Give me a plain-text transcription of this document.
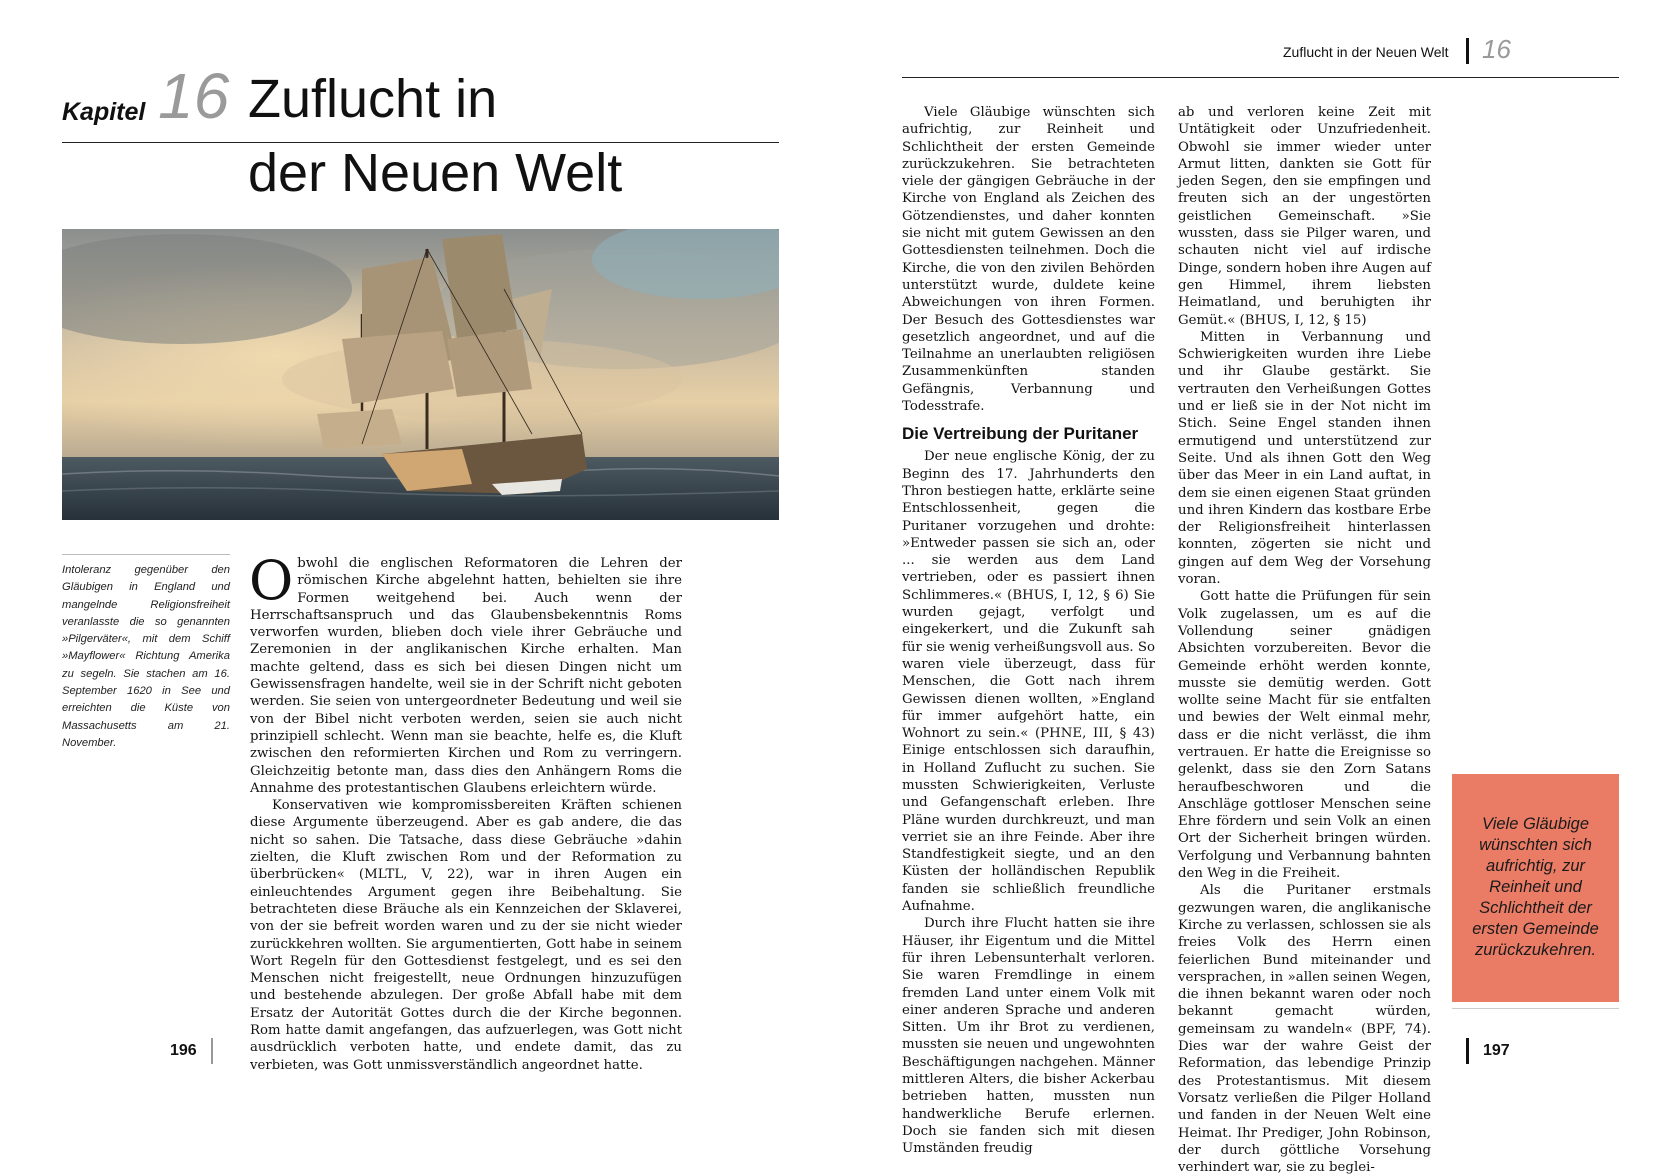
Kapitel 16 Zuflucht in
der Neuen Welt
Intoleranz gegenüber den Gläubigen in England und mangelnde Religionsfreiheit veranlasste die so genannten »Pilgerväter«, mit dem Schiff »Mayflower« Richtung Amerika zu segeln. Sie stachen am 16. September 1620 in See und erreichten die Küste von Massachusetts am 21. November.

Obwohl die englischen Reformatoren die Lehren der römischen Kirche abgelehnt hatten, behielten sie ihre Formen weitgehend bei. Auch wenn der Herrschaftsanspruch und das Glaubensbekenntnis Roms verworfen wurden, blieben doch viele ihrer Gebräuche und Zeremonien in der anglikanischen Kirche erhalten. Man machte geltend, dass es sich bei diesen Dingen nicht um Gewissensfragen handelte, weil sie in der Schrift nicht geboten werden. Sie seien von untergeordneter Bedeutung und weil sie von der Bibel nicht verboten werden, seien sie auch nicht prinzipiell schlecht. Wenn man sie beachte, helfe es, die Kluft zwischen den reformierten Kirchen und Rom zu verringern. Gleichzeitig betonte man, dass dies den Anhängern Roms die Annahme des protestantischen Glaubens erleichtern würde.

Konservativen wie kompromissbereiten Kräften schienen diese Argumente überzeugend. Aber es gab andere, die das nicht so sahen. Die Tatsache, dass diese Gebräuche »dahin zielten, die Kluft zwischen Rom und der Reformation zu überbrücken« (MLTL, V, 22), war in ihren Augen ein einleuchtendes Argument gegen ihre Beibehaltung. Sie betrachteten diese Bräuche als ein Kennzeichen der Sklaverei, von der sie befreit worden waren und zu der sie nicht wieder zurückkehren wollten. Sie argumentierten, Gott habe in seinem Wort Regeln für den Gottesdienst festgelegt, und es sei den Menschen nicht freigestellt, neue Ordnungen hinzuzufügen und bestehende abzulegen. Der große Abfall habe mit dem Ersatz der Autorität Gottes durch die der Kirche begonnen. Rom hatte damit angefangen, das aufzuerlegen, was Gott nicht ausdrücklich verboten hatte, und endete damit, das zu verbieten, was Gott unmissverständlich angeordnet hatte.

196
Zuflucht in der Neuen Welt 16

Viele Gläubige wünschten sich aufrichtig, zur Reinheit und Schlichtheit der ersten Gemeinde zurückzukehren. Sie betrachteten viele der gängigen Gebräuche in der Kirche von England als Zeichen des Götzendienstes, und daher konnten sie nicht mit gutem Gewissen an den Gottesdiensten teilnehmen. Doch die Kirche, die von den zivilen Behörden unterstützt wurde, duldete keine Abweichungen von ihren Formen. Der Besuch des Gottesdienstes war gesetzlich angeordnet, und auf die Teilnahme an unerlaubten religiösen Zusammenkünften standen Gefängnis, Verbannung und Todesstrafe.

Die Vertreibung der Puritaner

Der neue englische König, der zu Beginn des 17. Jahrhunderts den Thron bestiegen hatte, erklärte seine Entschlossenheit, gegen die Puritaner vorzugehen und drohte: »Entweder passen sie sich an, oder ... sie werden aus dem Land vertrieben, oder es passiert ihnen Schlimmeres.« (BHUS, I, 12, § 6) Sie wurden gejagt, verfolgt und eingekerkert, und die Zukunft sah für sie wenig verheißungsvoll aus. So waren viele überzeugt, dass für Menschen, die Gott nach ihrem Gewissen dienen wollten, »England für immer aufgehört hatte, ein Wohnort zu sein.« (PHNE, III, § 43) Einige entschlossen sich daraufhin, in Holland Zuflucht zu suchen. Sie mussten Schwierigkeiten, Verluste und Gefangenschaft erleben. Ihre Pläne wurden durchkreuzt, und man verriet sie an ihre Feinde. Aber ihre Standfestigkeit siegte, und an den Küsten der holländischen Republik fanden sie schließlich freundliche Aufnahme.

Durch ihre Flucht hatten sie ihre Häuser, ihr Eigentum und die Mittel für ihren Lebensunterhalt verloren. Sie waren Fremdlinge in einem fremden Land unter einem Volk mit einer anderen Sprache und anderen Sitten. Um ihr Brot zu verdienen, mussten sie neuen und ungewohnten Beschäftigungen nachgehen. Männer mittleren Alters, die bisher Ackerbau betrieben hatten, mussten nun handwerkliche Berufe erlernen. Doch sie fanden sich mit diesen Umständen freudig

ab und verloren keine Zeit mit Untätigkeit oder Unzufriedenheit. Obwohl sie immer wieder unter Armut litten, dankten sie Gott für jeden Segen, den sie empfingen und freuten sich an der ungestörten geistlichen Gemeinschaft. »Sie wussten, dass sie Pilger waren, und schauten nicht viel auf irdische Dinge, sondern hoben ihre Augen auf gen Himmel, ihrem liebsten Heimatland, und beruhigten ihr Gemüt.« (BHUS, I, 12, § 15)

Mitten in Verbannung und Schwierigkeiten wurden ihre Liebe und ihr Glaube gestärkt. Sie vertrauten den Verheißungen Gottes und er ließ sie in der Not nicht im Stich. Seine Engel standen ihnen ermutigend und unterstützend zur Seite. Und als ihnen Gott den Weg über das Meer in ein Land auftat, in dem sie einen eigenen Staat gründen und ihren Kindern das kostbare Erbe der Religionsfreiheit hinterlassen konnten, zögerten sie nicht und gingen auf dem Weg der Vorsehung voran.

Gott hatte die Prüfungen für sein Volk zugelassen, um es auf die Vollendung seiner gnädigen Absichten vorzubereiten. Bevor die Gemeinde erhöht werden konnte, musste sie demütig werden. Gott wollte seine Macht für sie entfalten und bewies der Welt einmal mehr, dass er die nicht verlässt, die ihm vertrauen. Er hatte die Ereignisse so gelenkt, dass sie den Zorn Satans heraufbeschworen und die Anschläge gottloser Menschen seine Ehre fördern und sein Volk an einen Ort der Sicherheit bringen würden. Verfolgung und Verbannung bahnten den Weg in die Freiheit.

Als die Puritaner erstmals gezwungen waren, die anglikanische Kirche zu verlassen, schlossen sie als freies Volk des Herrn einen feierlichen Bund miteinander und versprachen, in »allen seinen Wegen, die ihnen bekannt waren oder noch bekannt gemacht würden, gemeinsam zu wandeln« (BPF, 74). Dies war der wahre Geist der Reformation, das lebendige Prinzip des Protestantismus. Mit diesem Vorsatz verließen die Pilger Holland und fanden in der Neuen Welt eine Heimat. Ihr Prediger, John Robinson, der durch göttliche Vorsehung verhindert war, sie zu beglei-

Viele Gläubige wünschten sich aufrichtig, zur Reinheit und Schlichtheit der ersten Gemeinde zurückzukehren.
197
